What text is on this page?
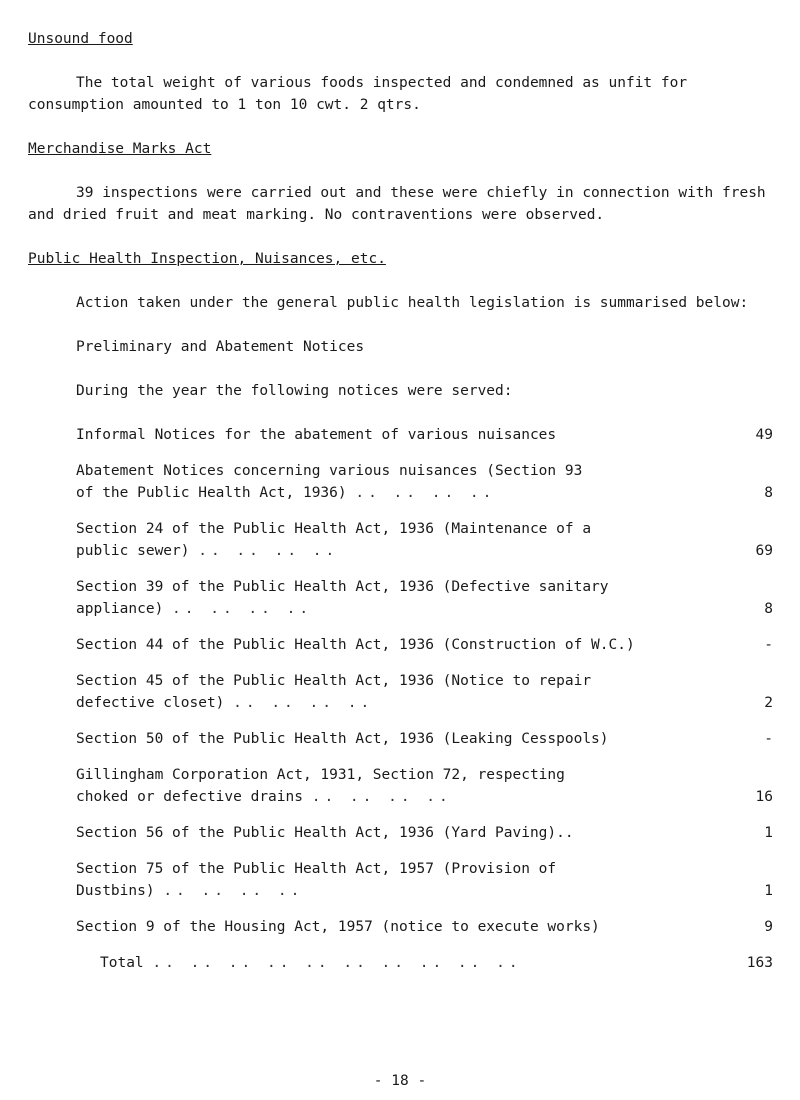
Unsound food

The total weight of various foods inspected and condemned as unfit for consumption amounted to 1 ton 10 cwt. 2 qtrs.

Merchandise Marks Act

39 inspections were carried out and these were chiefly in connection with fresh and dried fruit and meat marking. No contraventions were observed.

Public Health Inspection, Nuisances, etc.

Action taken under the general public health legislation is summarised below:

Preliminary and Abatement Notices

During the year the following notices were served:

Informal Notices for the abatement of various nuisances	49
Abatement Notices concerning various nuisances (Section 93
of the Public Health Act, 1936) .. .. .. ..	8
Section 24 of the Public Health Act, 1936 (Maintenance of a
public sewer) .. .. .. ..	69
Section 39 of the Public Health Act, 1936 (Defective sanitary
appliance) .. .. .. ..	8
Section 44 of the Public Health Act, 1936 (Construction of W.C.)	-
Section 45 of the Public Health Act, 1936 (Notice to repair
defective closet) .. .. .. ..	2
Section 50 of the Public Health Act, 1936 (Leaking Cesspools)	-
Gillingham Corporation Act, 1931, Section 72, respecting
choked or defective drains .. .. .. ..	16
Section 56 of the Public Health Act, 1936 (Yard Paving)..	1
Section 75 of the Public Health Act, 1957 (Provision of
Dustbins) .. .. .. ..	1
Section 9 of the Housing Act, 1957 (notice to execute works)	9
Total .. .. .. .. .. .. .. .. .. ..	163
- 18 -
